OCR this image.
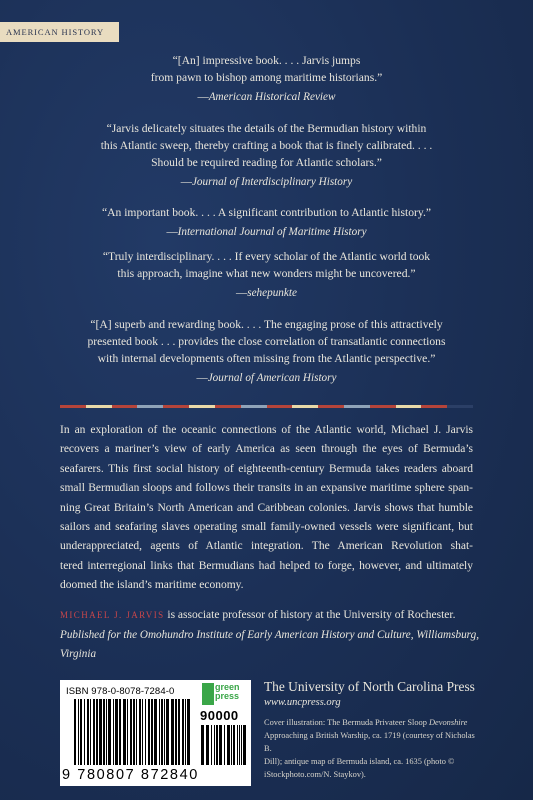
AMERICAN HISTORY
“[An] impressive book. . . . Jarvis jumps
from pawn to bishop among maritime historians.”
—American Historical Review
“Jarvis delicately situates the details of the Bermudian history within
this Atlantic sweep, thereby crafting a book that is finely calibrated. . . .
Should be required reading for Atlantic scholars.”
—Journal of Interdisciplinary History
“An important book. . . . A significant contribution to Atlantic history.”
—International Journal of Maritime History
“Truly interdisciplinary. . . . If every scholar of the Atlantic world took
this approach, imagine what new wonders might be uncovered.”
—sehepunkte
“[A] superb and rewarding book. . . . The engaging prose of this attractively
presented book . . . provides the close correlation of transatlantic connections
with internal developments often missing from the Atlantic perspective.”
—Journal of American History
In an exploration of the oceanic connections of the Atlantic world, Michael J. Jarvis
recovers a mariner’s view of early America as seen through the eyes of Bermuda’s
seafarers. This first social history of eighteenth-century Bermuda takes readers aboard
small Bermudian sloops and follows their transits in an expansive maritime sphere span-
ning Great Britain’s North American and Caribbean colonies. Jarvis shows that humble
sailors and seafaring slaves operating small family-owned vessels were significant, but
underappreciated, agents of Atlantic integration. The American Revolution shat-
tered interregional links that Bermudians had helped to forge, however, and ultimately
doomed the island’s maritime economy.
MICHAEL J. JARVIS is associate professor of history at the University of Rochester.
Published for the Omohundro Institute of Early American History and Culture, Williamsburg, Virginia
ISBN 978-0-8078-7284-0	green
press
90000
9 780807 872840
The University of North Carolina Press
www.uncpress.org
Cover illustration: The Bermuda Privateer Sloop Devonshire
Approaching a British Warship, ca. 1719 (courtesy of Nicholas B.
Dill); antique map of Bermuda island, ca. 1635 (photo ©
iStockphoto.com/N. Staykov).
